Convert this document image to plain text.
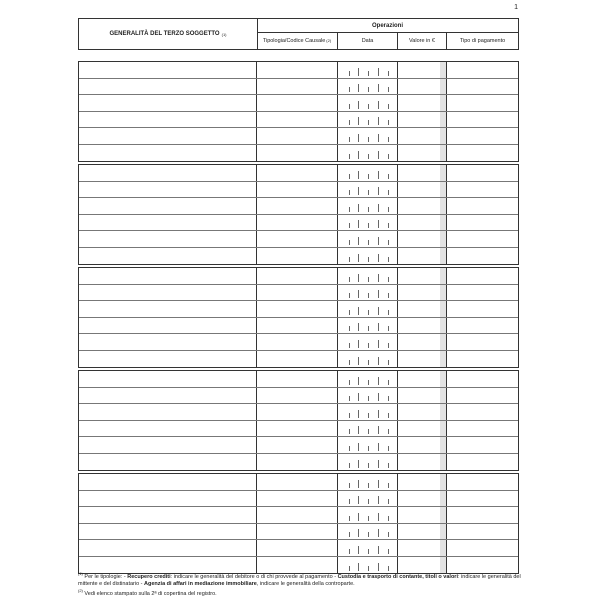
1
GENERALITÀ DEL TERZO SOGGETTO (1)
Operazioni
Tipologia/Codice Causale (2)	Data	Valore in €	Tipo di pagamento

$^{(1)}$ Per le tipologie: - Recupero crediti: indicare le generalità del debitore o di chi provvede al pagamento - Custodia e trasporto di contante, titoli o valori: indicare le generalità del mittente e del distinatario - Agenzia di affari in mediazione immobiliare, indicare le generalità della controparte.

$^{(2)}$ Vedi elenco stampato sulla 2ª di copertina del registro.
